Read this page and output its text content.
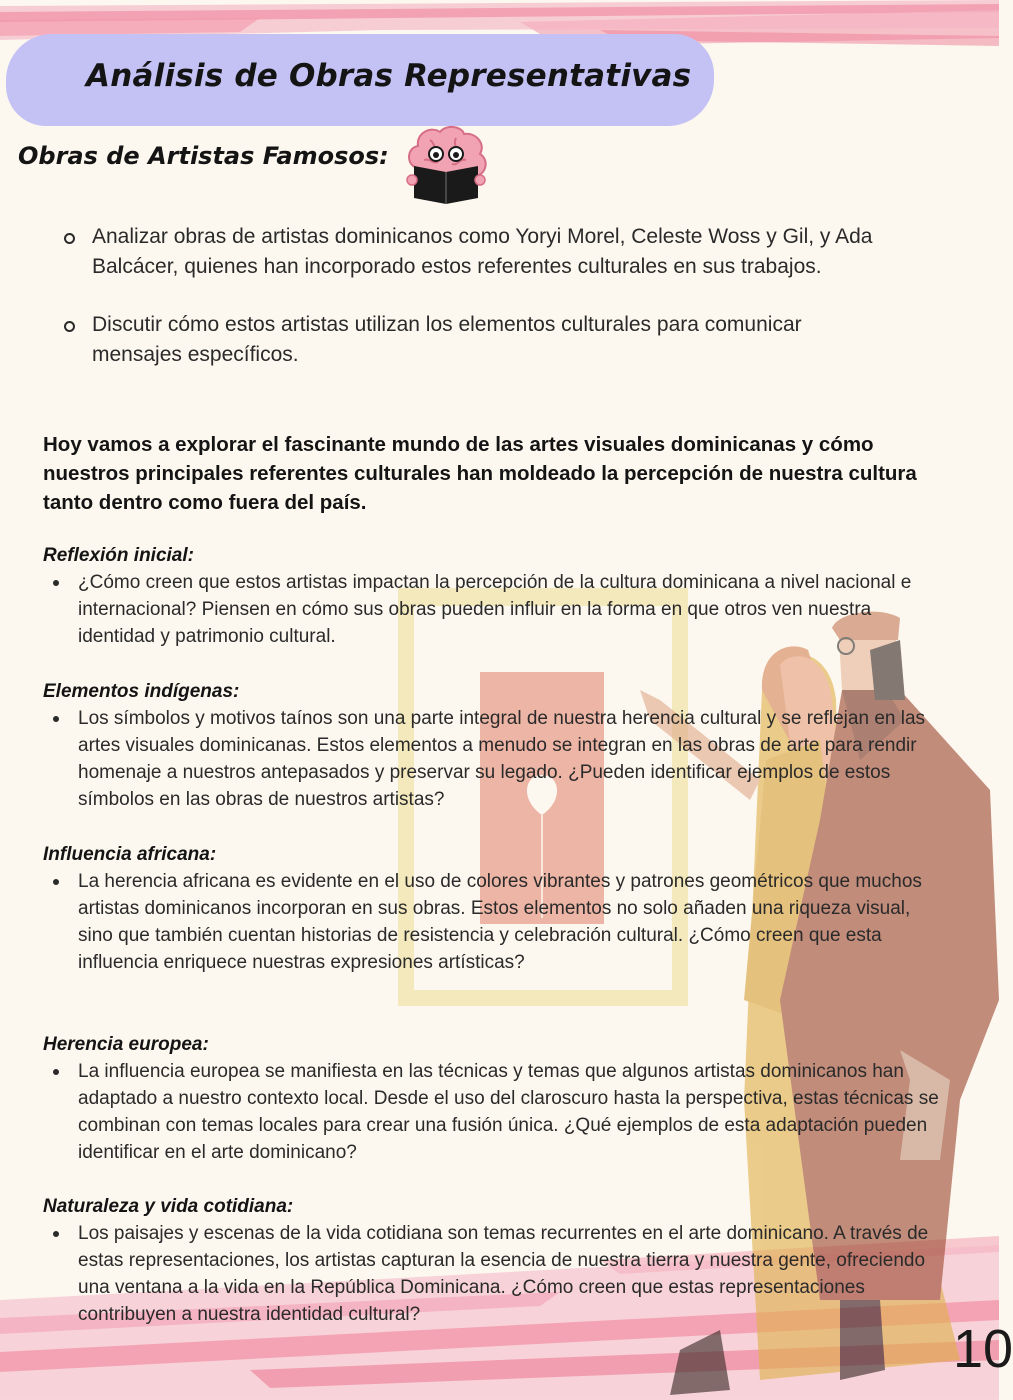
Análisis de Obras Representativas
Obras de Artistas Famosos:
Analizar obras de artistas dominicanos como Yoryi Morel, Celeste Woss y Gil, y Ada Balcácer, quienes han incorporado estos referentes culturales en sus trabajos.
Discutir cómo estos artistas utilizan los elementos culturales para comunicar mensajes específicos.

Hoy vamos a explorar el fascinante mundo de las artes visuales dominicanas y cómo nuestros principales referentes culturales han moldeado la percepción de nuestra cultura tanto dentro como fuera del país.

Reflexión inicial:

¿Cómo creen que estos artistas impactan la percepción de la cultura dominicana a nivel nacional e internacional? Piensen en cómo sus obras pueden influir en la forma en que otros ven nuestra identidad y patrimonio cultural.

Elementos indígenas:

Los símbolos y motivos taínos son una parte integral de nuestra herencia cultural y se reflejan en las artes visuales dominicanas. Estos elementos a menudo se integran en las obras de arte para rendir homenaje a nuestros antepasados y preservar su legado. ¿Pueden identificar ejemplos de estos símbolos en las obras de nuestros artistas?

Influencia africana:

La herencia africana es evidente en el uso de colores vibrantes y patrones geométricos que muchos artistas dominicanos incorporan en sus obras. Estos elementos no solo añaden una riqueza visual, sino que también cuentan historias de resistencia y celebración cultural. ¿Cómo creen que esta influencia enriquece nuestras expresiones artísticas?

Herencia europea:

La influencia europea se manifiesta en las técnicas y temas que algunos artistas dominicanos han adaptado a nuestro contexto local. Desde el uso del claroscuro hasta la perspectiva, estas técnicas se combinan con temas locales para crear una fusión única. ¿Qué ejemplos de esta adaptación pueden identificar en el arte dominicano?

Naturaleza y vida cotidiana:

Los paisajes y escenas de la vida cotidiana son temas recurrentes en el arte dominicano. A través de estas representaciones, los artistas capturan la esencia de nuestra tierra y nuestra gente, ofreciendo una ventana a la vida en la República Dominicana. ¿Cómo creen que estas representaciones contribuyen a nuestra identidad cultural?

10
